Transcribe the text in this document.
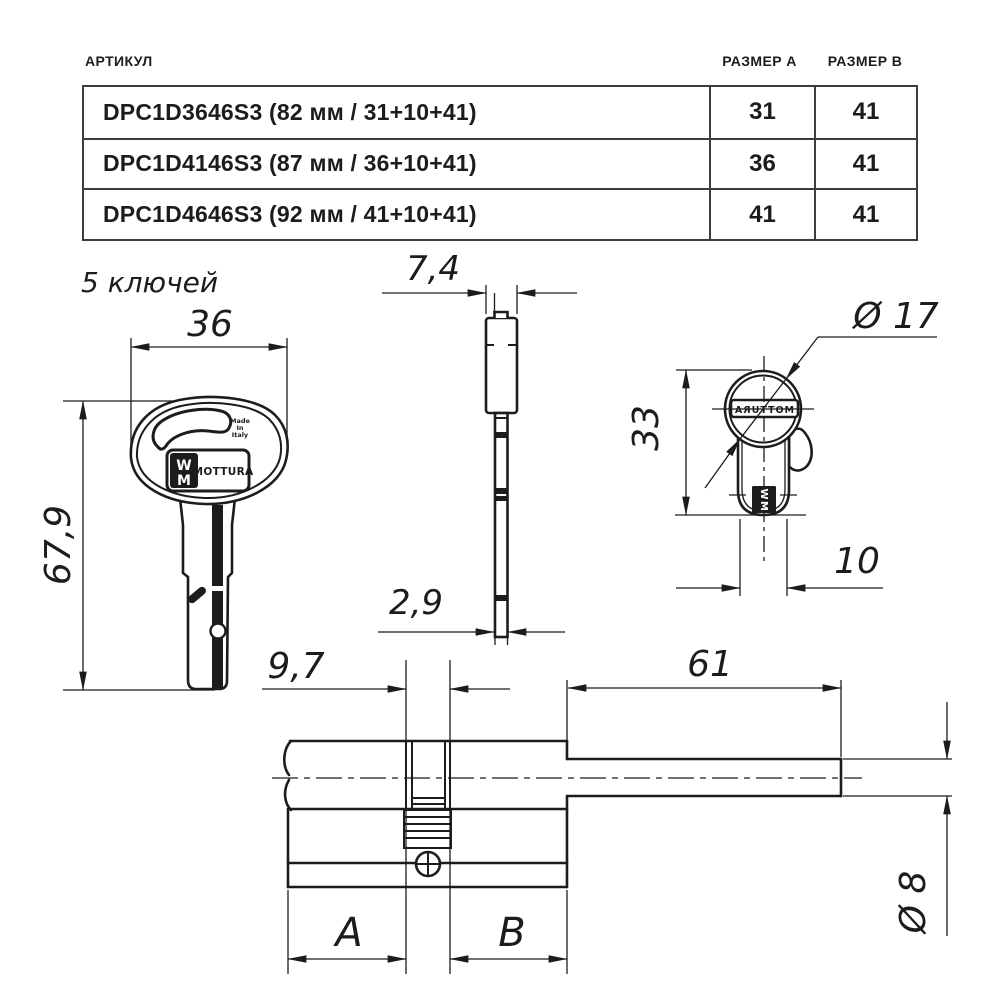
АРТИКУЛ	РАЗМЕР А	РАЗМЕР В
DPC1D3646S3 (82 мм / 31+10+41)	31	41
DPC1D4146S3 (87 мм / 36+10+41)	36	41
DPC1D4646S3 (92 мм / 41+10+41)	41	41
5 ключей
36
67,9
Made
In
Italy
W
M
MOTTURA
7,4
2,9
MOTTURA
W
M
Ø 17
33
10
9,7	61
A	B	Ø 8
